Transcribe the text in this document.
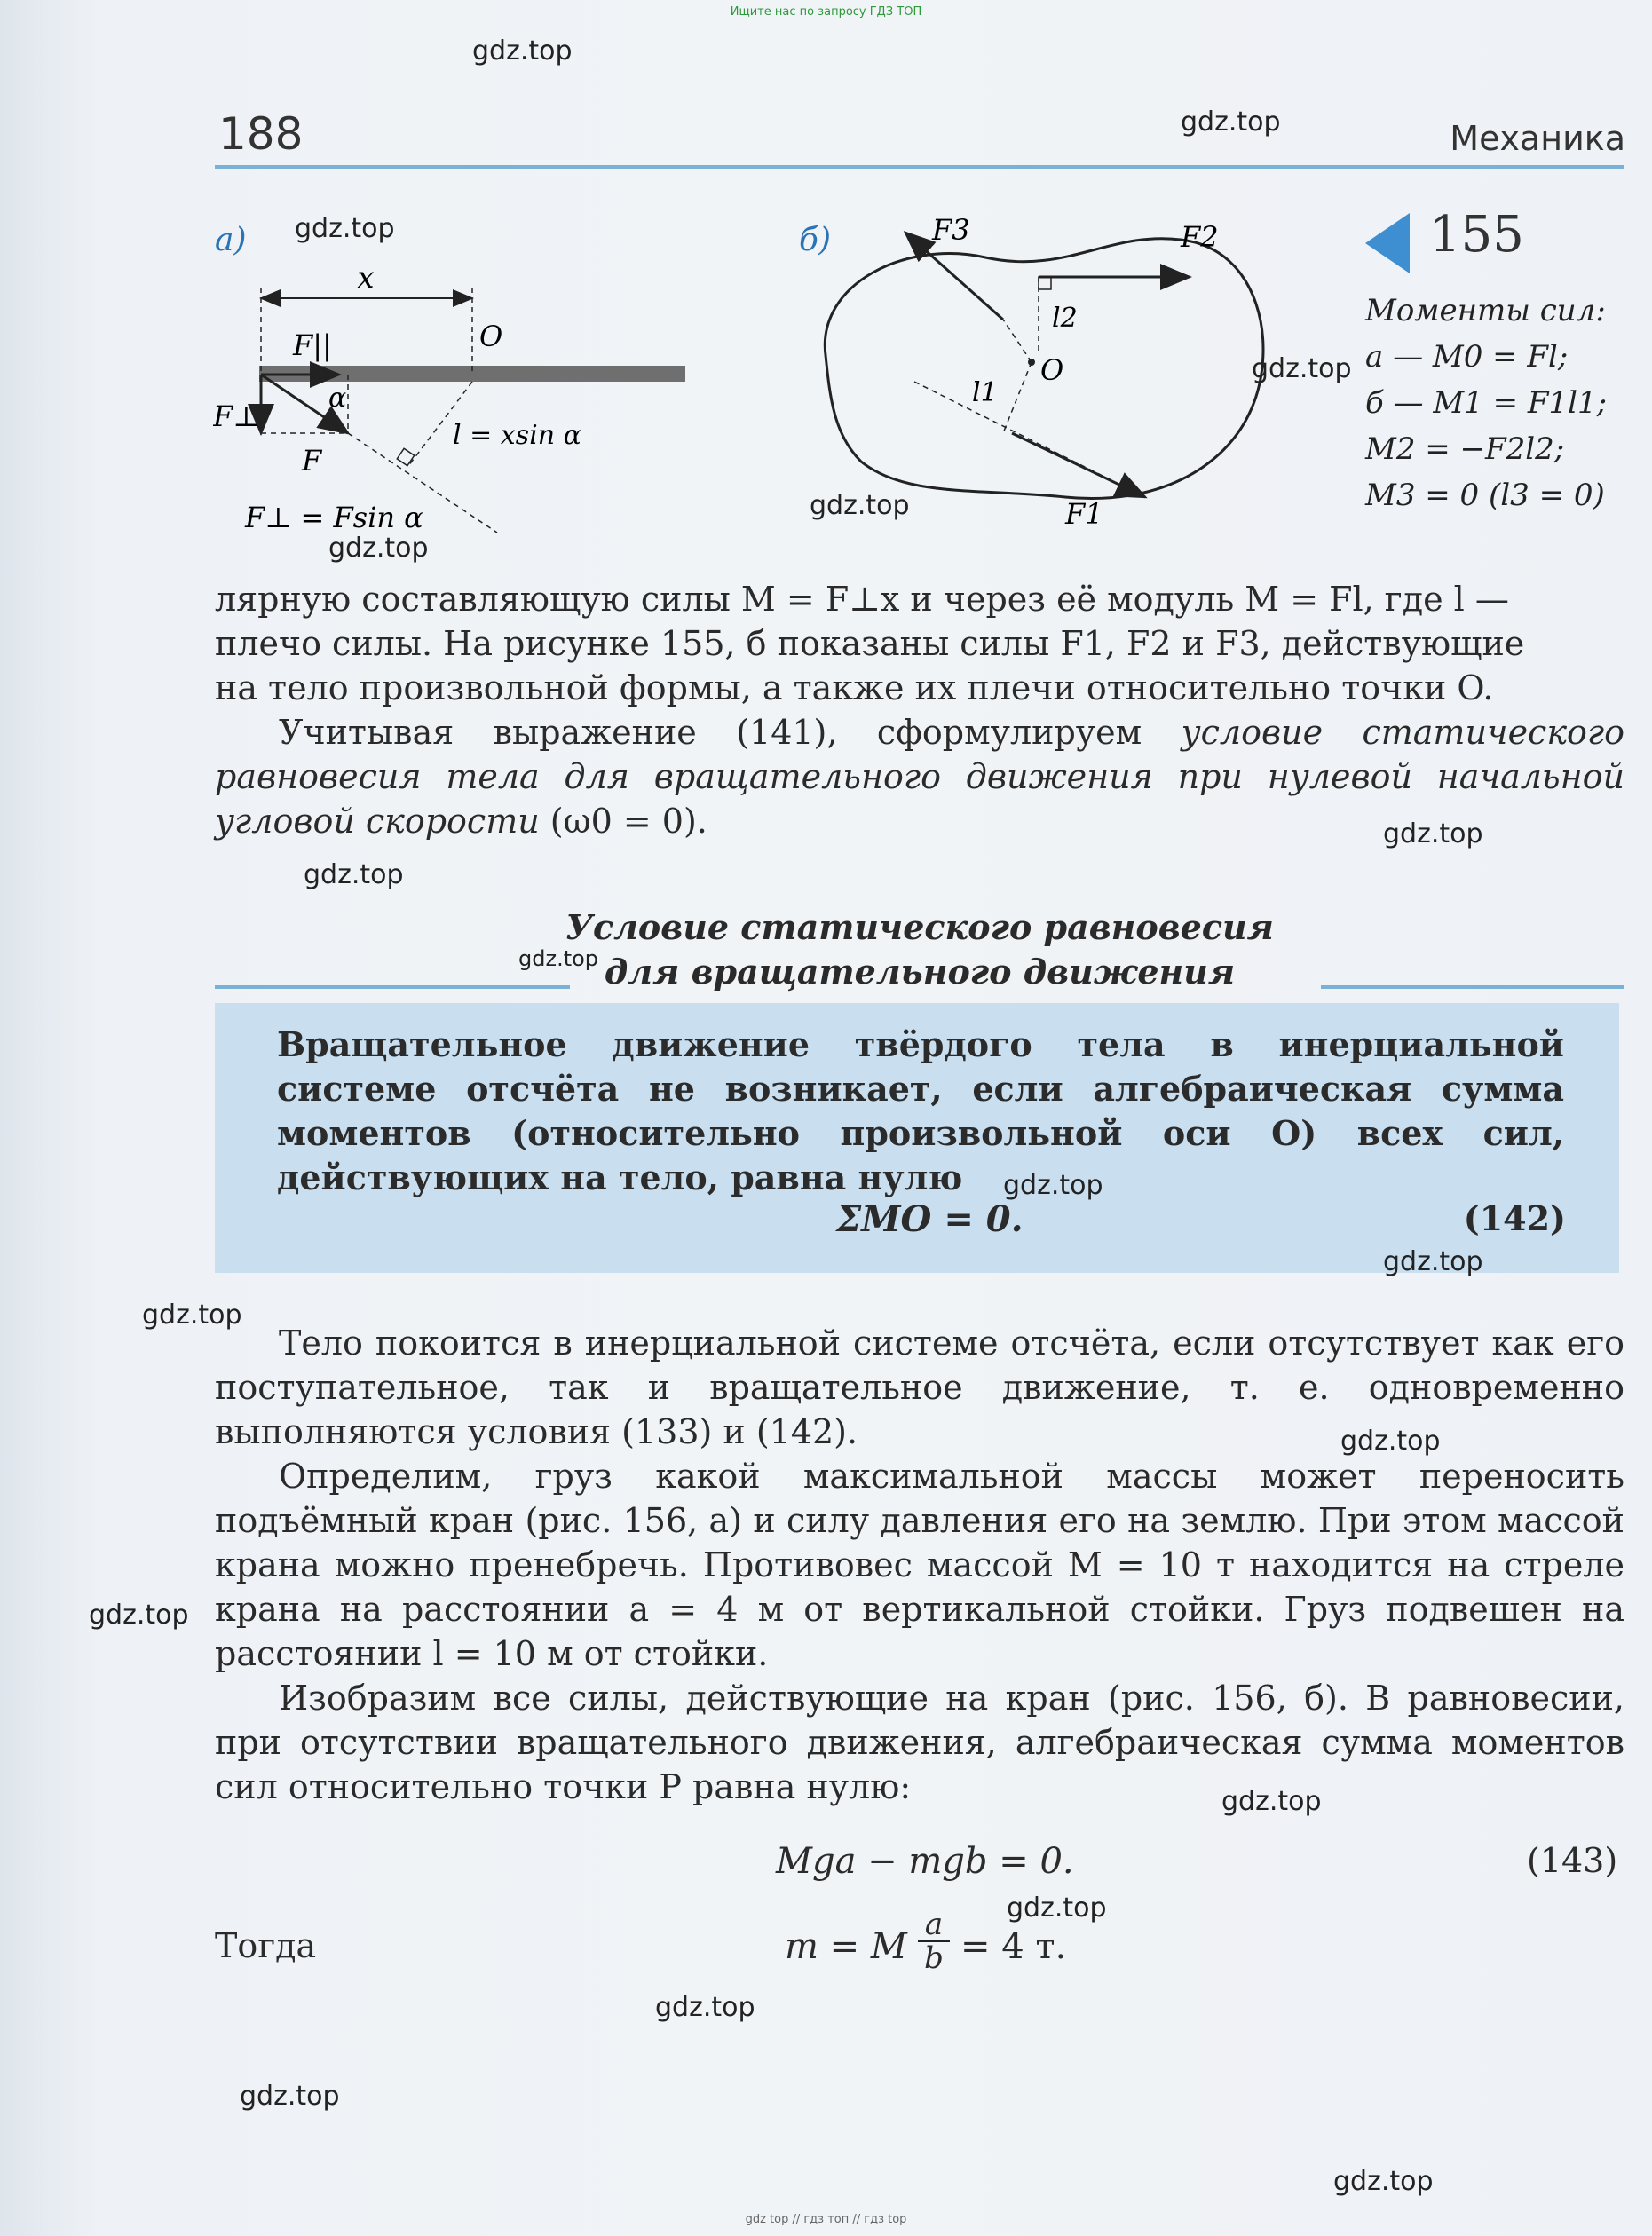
Ищите нас по запросу ГДЗ ТОП
188	Механика
а)
x
O
F||
α
F
F⊥
l = xsin α
F⊥ = Fsin α
б)	F2
F3
l2
O
l1
F1
155
Моменты сил:
а — M0 = Fl;
б — M1 = F1l1;
M2 = −F2l2;
M3 = 0 (l3 = 0)

лярную составляющую силы M = F⊥x и через её модуль M = Fl, где l —

плечо силы. На рисунке 155, б показаны силы F1, F2 и F3, действующие

на тело произвольной формы, а также их плечи относительно точки O.

Учитывая выражение (141), сформулируем условие статического равновесия тела для вращательного движения при нулевой начальной угловой скорости (ω0 = 0).

Условие статического равновесия
для вращательного движения
Вращательное движение твёрдого тела в инерциальной системе отсчёта не возникает, если алгебраическая сумма моментов (относительно произвольной оси O) всех сил, действующих на тело, равна нулю
ΣMO = 0.	(142)

Тело покоится в инерциальной системе отсчёта, если отсутствует как его поступательное, так и вращательное движение, т. е. одновременно выполняются условия (133) и (142).

Определим, груз какой максимальной массы может переносить подъёмный кран (рис. 156, а) и силу давления его на землю. При этом массой крана можно пренебречь. Противовес массой M = 10 т находится на стреле крана на расстоянии a = 4 м от вертикальной стойки. Груз подвешен на расстоянии l = 10 м от стойки.

Изобразим все силы, действующие на кран (рис. 156, б). В равновесии, при отсутствии вращательного движения, алгебраическая сумма моментов сил относительно точки P равна нулю:

Mga − mgb = 0.	(143)
Тогда	m = M $\frac{a}{b} = 4$ т.
gdz.top
gdz.top
gdz.top
gdz.top
gdz.top
gdz.top
gdz.top
gdz.top
gdz.top
gdz.top
gdz.top
gdz.top
gdz.top
gdz.top
gdz.top
gdz.top
gdz.top
gdz.top
gdz.top
gdz top // гдз топ // гдз top
